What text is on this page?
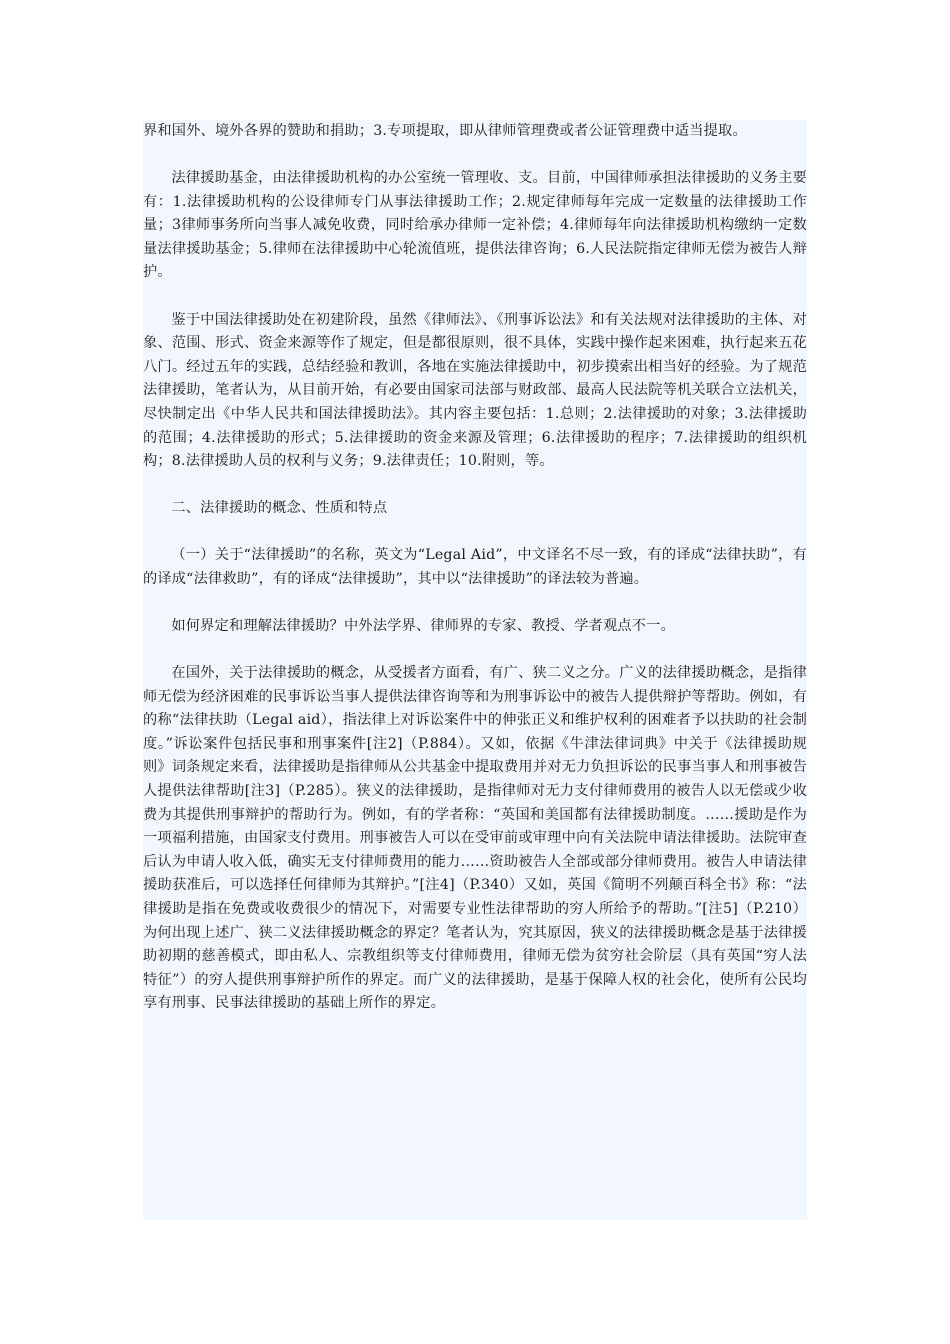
界和国外、境外各界的赞助和捐助；3.专项提取，即从律师管理费或者公证管理费中适当提取。

法律援助基金，由法律援助机构的办公室统一管理收、支。目前，中国律师承担法律援助的义务主要有：1.法律援助机构的公设律师专门从事法律援助工作；2.规定律师每年完成一定数量的法律援助工作量；3律师事务所向当事人减免收费，同时给承办律师一定补偿；4.律师每年向法律援助机构缴纳一定数量法律援助基金；5.律师在法律援助中心轮流值班，提供法律咨询；6.人民法院指定律师无偿为被告人辩护。

鉴于中国法律援助处在初建阶段，虽然《律师法》、《刑事诉讼法》和有关法规对法律援助的主体、对象、范围、形式、资金来源等作了规定，但是都很原则，很不具体，实践中操作起来困难，执行起来五花八门。经过五年的实践，总结经验和教训，各地在实施法律援助中，初步摸索出相当好的经验。为了规范法律援助，笔者认为，从目前开始，有必要由国家司法部与财政部、最高人民法院等机关联合立法机关，尽快制定出《中华人民共和国法律援助法》。其内容主要包括：1.总则；2.法律援助的对象；3.法律援助的范围；4.法律援助的形式；5.法律援助的资金来源及管理；6.法律援助的程序；7.法律援助的组织机构；8.法律援助人员的权利与义务；9.法律责任；10.附则，等。

二、法律援助的概念、性质和特点

（一）关于“法律援助”的名称，英文为“Legal Aid”，中文译名不尽一致，有的译成“法律扶助”，有的译成“法律救助”，有的译成“法律援助”，其中以“法律援助”的译法较为普遍。

如何界定和理解法律援助？中外法学界、律师界的专家、教授、学者观点不一。

在国外，关于法律援助的概念，从受援者方面看，有广、狭二义之分。广义的法律援助概念，是指律师无偿为经济困难的民事诉讼当事人提供法律咨询等和为刑事诉讼中的被告人提供辩护等帮助。例如，有的称“法律扶助（Legal aid），指法律上对诉讼案件中的伸张正义和维护权利的困难者予以扶助的社会制度。”诉讼案件包括民事和刑事案件[注2]（P.884）。又如，依据《牛津法律词典》中关于《法律援助规则》词条规定来看，法律援助是指律师从公共基金中提取费用并对无力负担诉讼的民事当事人和刑事被告人提供法律帮助[注3]（P.285）。狭义的法律援助，是指律师对无力支付律师费用的被告人以无偿或少收费为其提供刑事辩护的帮助行为。例如，有的学者称：“英国和美国都有法律援助制度。……援助是作为一项福利措施，由国家支付费用。刑事被告人可以在受审前或审理中向有关法院申请法律援助。法院审查后认为申请人收入低，确实无支付律师费用的能力……资助被告人全部或部分律师费用。被告人申请法律援助获准后，可以选择任何律师为其辩护。”[注4]（P.340）又如，英国《简明不列颠百科全书》称：“法律援助是指在免费或收费很少的情况下，对需要专业性法律帮助的穷人所给予的帮助。”[注5]（P.210）为何出现上述广、狭二义法律援助概念的界定？笔者认为，究其原因，狭义的法律援助概念是基于法律援助初期的慈善模式，即由私人、宗教组织等支付律师费用，律师无偿为贫穷社会阶层（具有英国“穷人法特征”）的穷人提供刑事辩护所作的界定。而广义的法律援助，是基于保障人权的社会化，使所有公民均享有刑事、民事法律援助的基础上所作的界定。
